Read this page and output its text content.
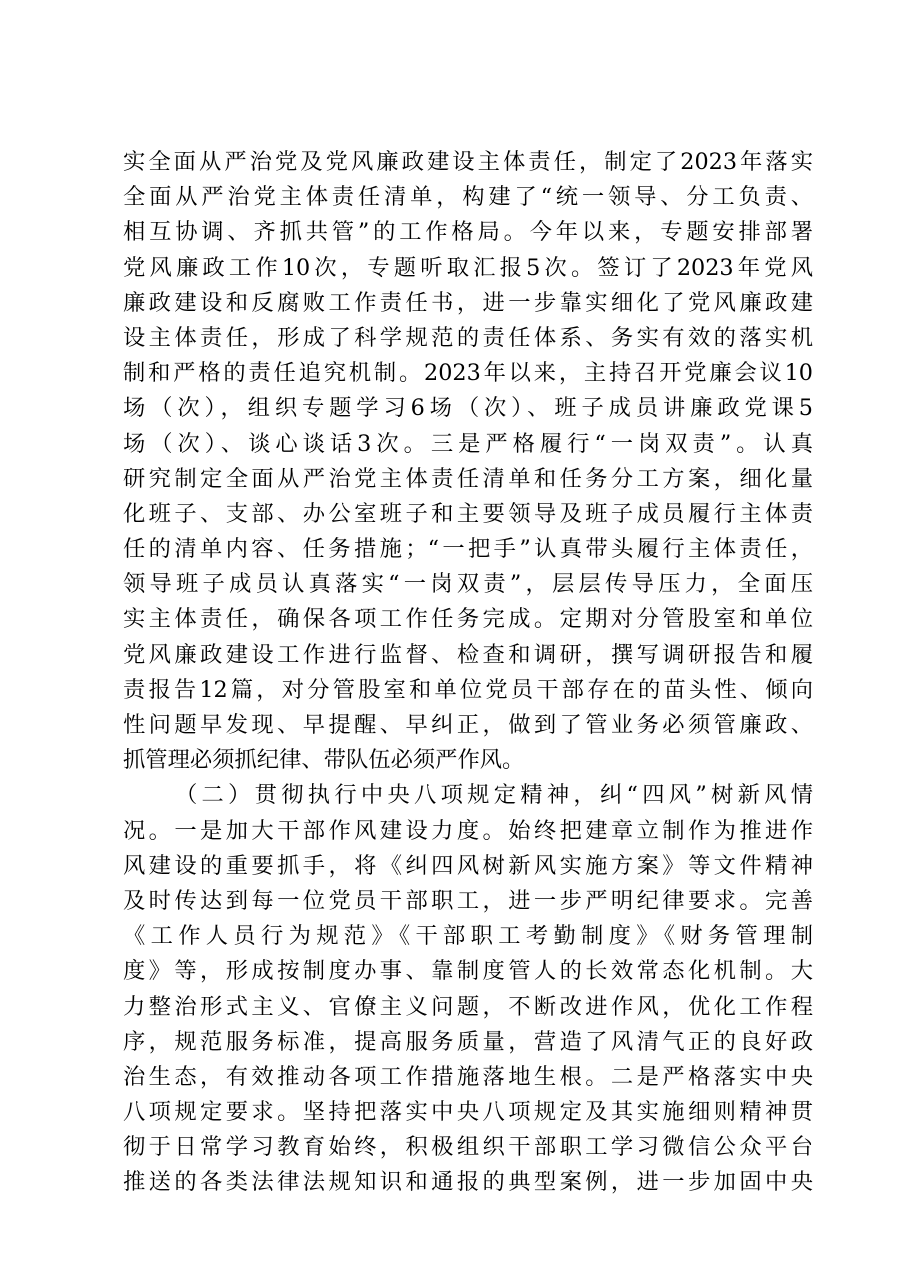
实全面从严治党及党风廉政建设主体责任，制定了2023年落实
全面从严治党主体责任清单，构建了“统一领导、分工负责、
相互协调、齐抓共管”的工作格局。今年以来，专题安排部署
党风廉政工作10次，专题听取汇报5次。签订了2023年党风
廉政建设和反腐败工作责任书，进一步靠实细化了党风廉政建
设主体责任，形成了科学规范的责任体系、务实有效的落实机
制和严格的责任追究机制。2023年以来，主持召开党廉会议10
场（次），组织专题学习6场（次）、班子成员讲廉政党课5
场（次）、谈心谈话3次。三是严格履行“一岗双责”。认真
研究制定全面从严治党主体责任清单和任务分工方案，细化量
化班子、支部、办公室班子和主要领导及班子成员履行主体责
任的清单内容、任务措施；“一把手”认真带头履行主体责任，
领导班子成员认真落实“一岗双责”，层层传导压力，全面压
实主体责任，确保各项工作任务完成。定期对分管股室和单位
党风廉政建设工作进行监督、检查和调研，撰写调研报告和履
责报告12篇，对分管股室和单位党员干部存在的苗头性、倾向
性问题早发现、早提醒、早纠正，做到了管业务必须管廉政、
抓管理必须抓纪律、带队伍必须严作风。
（二）贯彻执行中央八项规定精神，纠“四风”树新风情
况。一是加大干部作风建设力度。始终把建章立制作为推进作
风建设的重要抓手，将《纠四风树新风实施方案》等文件精神
及时传达到每一位党员干部职工，进一步严明纪律要求。完善
《工作人员行为规范》《干部职工考勤制度》《财务管理制
度》等，形成按制度办事、靠制度管人的长效常态化机制。大
力整治形式主义、官僚主义问题，不断改进作风，优化工作程
序，规范服务标准，提高服务质量，营造了风清气正的良好政
治生态，有效推动各项工作措施落地生根。二是严格落实中央
八项规定要求。坚持把落实中央八项规定及其实施细则精神贯
彻于日常学习教育始终，积极组织干部职工学习微信公众平台
推送的各类法律法规知识和通报的典型案例，进一步加固中央
